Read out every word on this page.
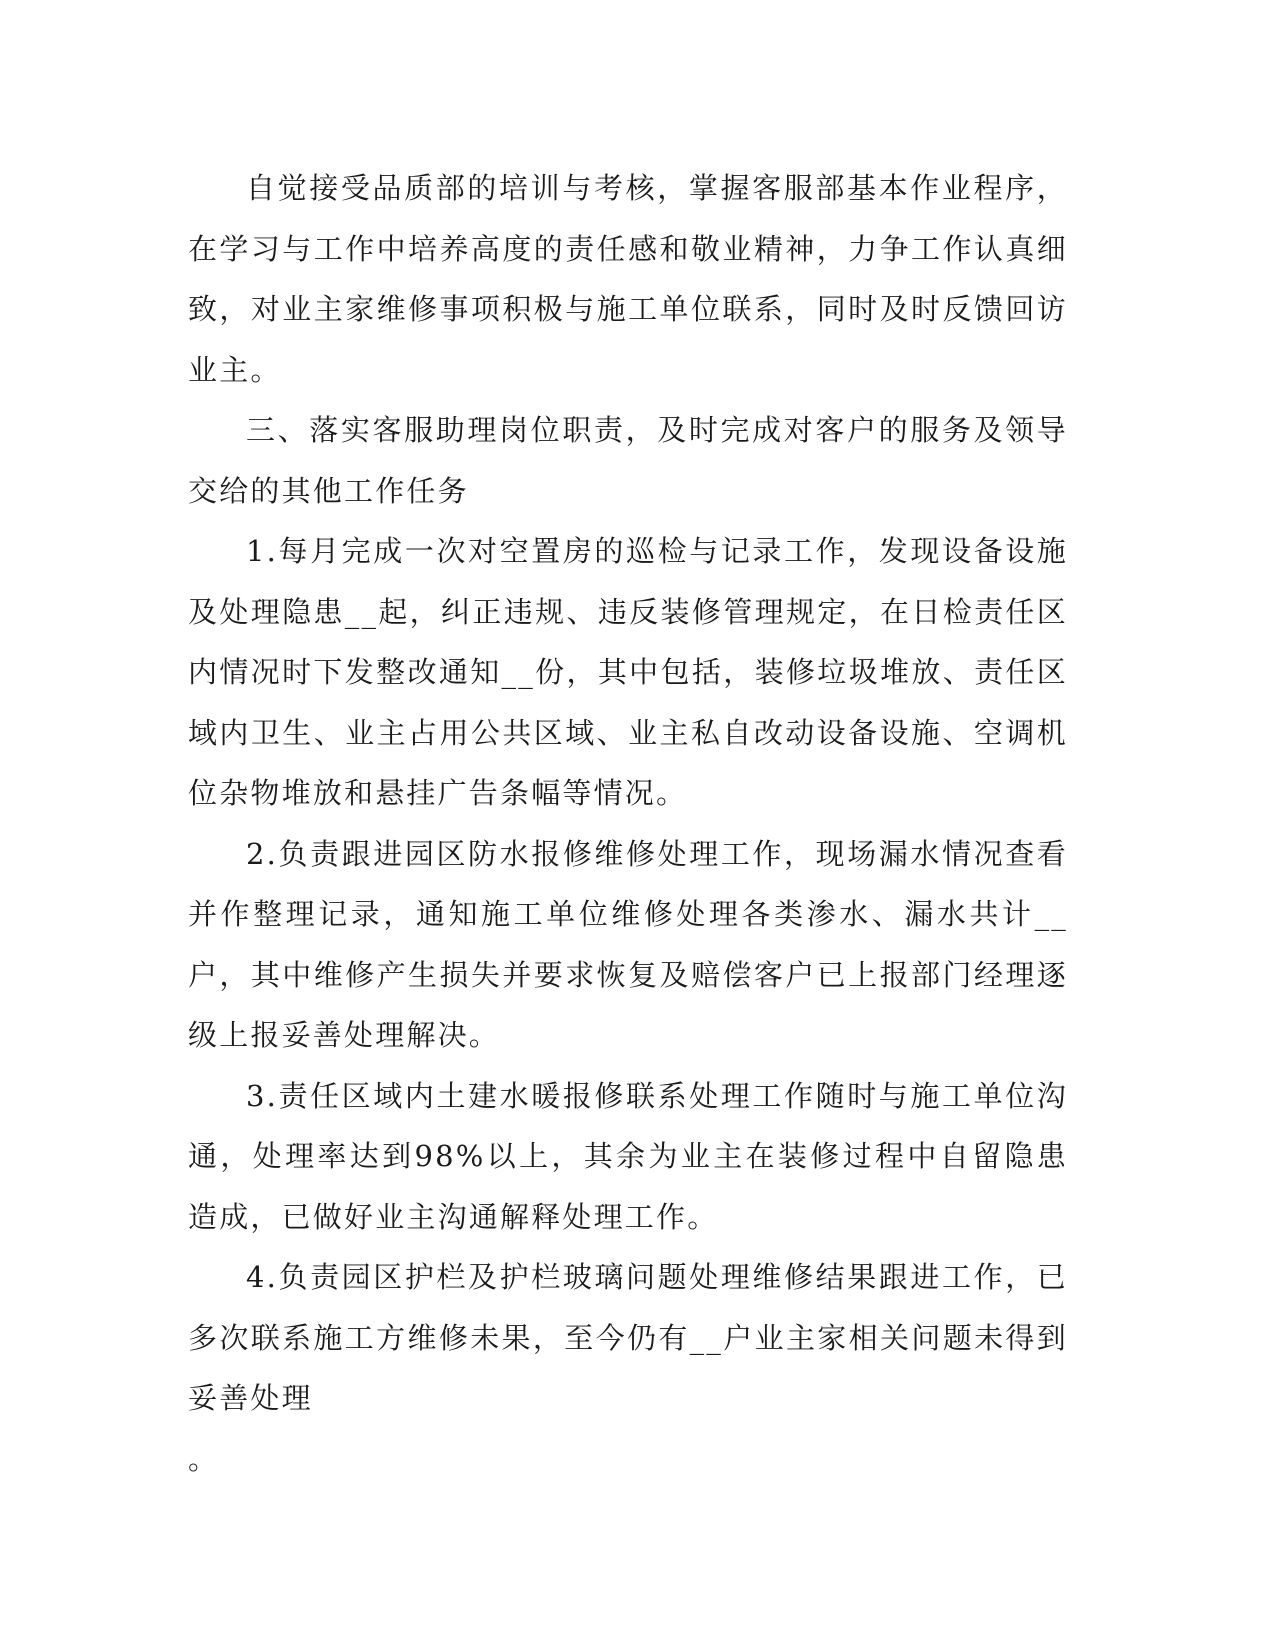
自觉接受品质部的培训与考核，掌握客服部基本作业程序，在学习与工作中培养高度的责任感和敬业精神，力争工作认真细致，对业主家维修事项积极与施工单位联系，同时及时反馈回访业主。

三、落实客服助理岗位职责，及时完成对客户的服务及领导交给的其他工作任务

1.每月完成一次对空置房的巡检与记录工作，发现设备设施及处理隐患__起，纠正违规、违反装修管理规定，在日检责任区内情况时下发整改通知__份，其中包括，装修垃圾堆放、责任区域内卫生、业主占用公共区域、业主私自改动设备设施、空调机位杂物堆放和悬挂广告条幅等情况。

2.负责跟进园区防水报修维修处理工作，现场漏水情况查看并作整理记录，通知施工单位维修处理各类渗水、漏水共计__户，其中维修产生损失并要求恢复及赔偿客户已上报部门经理逐级上报妥善处理解决。

3.责任区域内土建水暖报修联系处理工作随时与施工单位沟通，处理率达到98%以上，其余为业主在装修过程中自留隐患造成，已做好业主沟通解释处理工作。

4.负责园区护栏及护栏玻璃问题处理维修结果跟进工作，已多次联系施工方维修未果，至今仍有__户业主家相关问题未得到妥善处理

。
